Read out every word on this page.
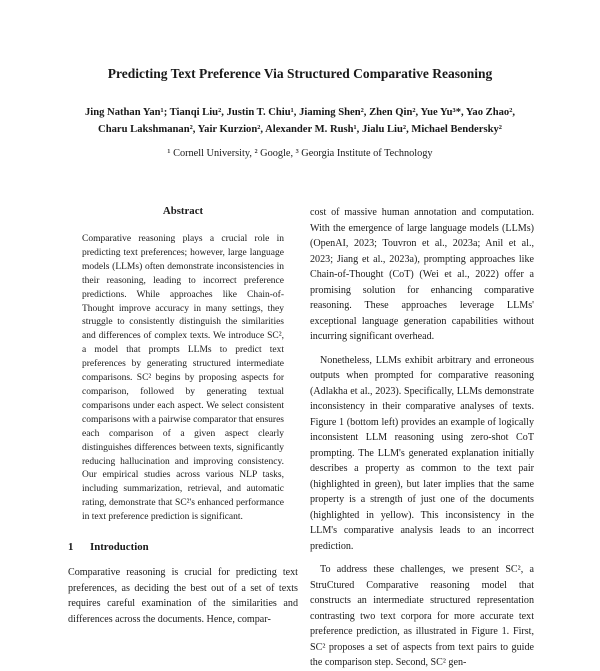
Predicting Text Preference Via Structured Comparative Reasoning
Jing Nathan Yan¹; Tianqi Liu², Justin T. Chiu¹, Jiaming Shen², Zhen Qin², Yue Yu³*, Yao Zhao²,
Charu Lakshmanan², Yair Kurzion², Alexander M. Rush¹, Jialu Liu², Michael Bendersky²
¹ Cornell University, ² Google, ³ Georgia Institute of Technology
Abstract

Comparative reasoning plays a crucial role in predicting text preferences; however, large language models (LLMs) often demonstrate inconsistencies in their reasoning, leading to incorrect preference predictions. While approaches like Chain-of-Thought improve accuracy in many settings, they struggle to consistently distinguish the similarities and differences of complex texts. We introduce SC², a model that prompts LLMs to predict text preferences by generating structured intermediate comparisons. SC² begins by proposing aspects for comparison, followed by generating textual comparisons under each aspect. We select consistent comparisons with a pairwise comparator that ensures each comparison of a given aspect clearly distinguishes differences between texts, significantly reducing hallucination and improving consistency. Our empirical studies across various NLP tasks, including summarization, retrieval, and automatic rating, demonstrate that SC²'s enhanced performance in text preference prediction is significant.

1 Introduction

Comparative reasoning is crucial for predicting text preferences, as deciding the best out of a set of texts requires careful examination of the similarities and differences across the documents. Hence, compar-

cost of massive human annotation and computation. With the emergence of large language models (LLMs) (OpenAI, 2023; Touvron et al., 2023a; Anil et al., 2023; Jiang et al., 2023a), prompting approaches like Chain-of-Thought (CoT) (Wei et al., 2022) offer a promising solution for enhancing comparative reasoning. These approaches leverage LLMs' exceptional language generation capabilities without incurring significant overhead.

Nonetheless, LLMs exhibit arbitrary and erroneous outputs when prompted for comparative reasoning (Adlakha et al., 2023). Specifically, LLMs demonstrate inconsistency in their comparative analyses of texts. Figure 1 (bottom left) provides an example of logically inconsistent LLM reasoning using zero-shot CoT prompting. The LLM's generated explanation initially describes a property as common to the text pair (highlighted in green), but later implies that the same property is a strength of just one of the documents (highlighted in yellow). This inconsistency in the LLM's comparative analysis leads to an incorrect prediction.

To address these challenges, we present SC², a StruCtured Comparative reasoning model that constructs an intermediate structured representation contrasting two text corpora for more accurate text preference prediction, as illustrated in Figure 1. First, SC² proposes a set of aspects from text pairs to guide the comparison step. Second, SC² gen-
